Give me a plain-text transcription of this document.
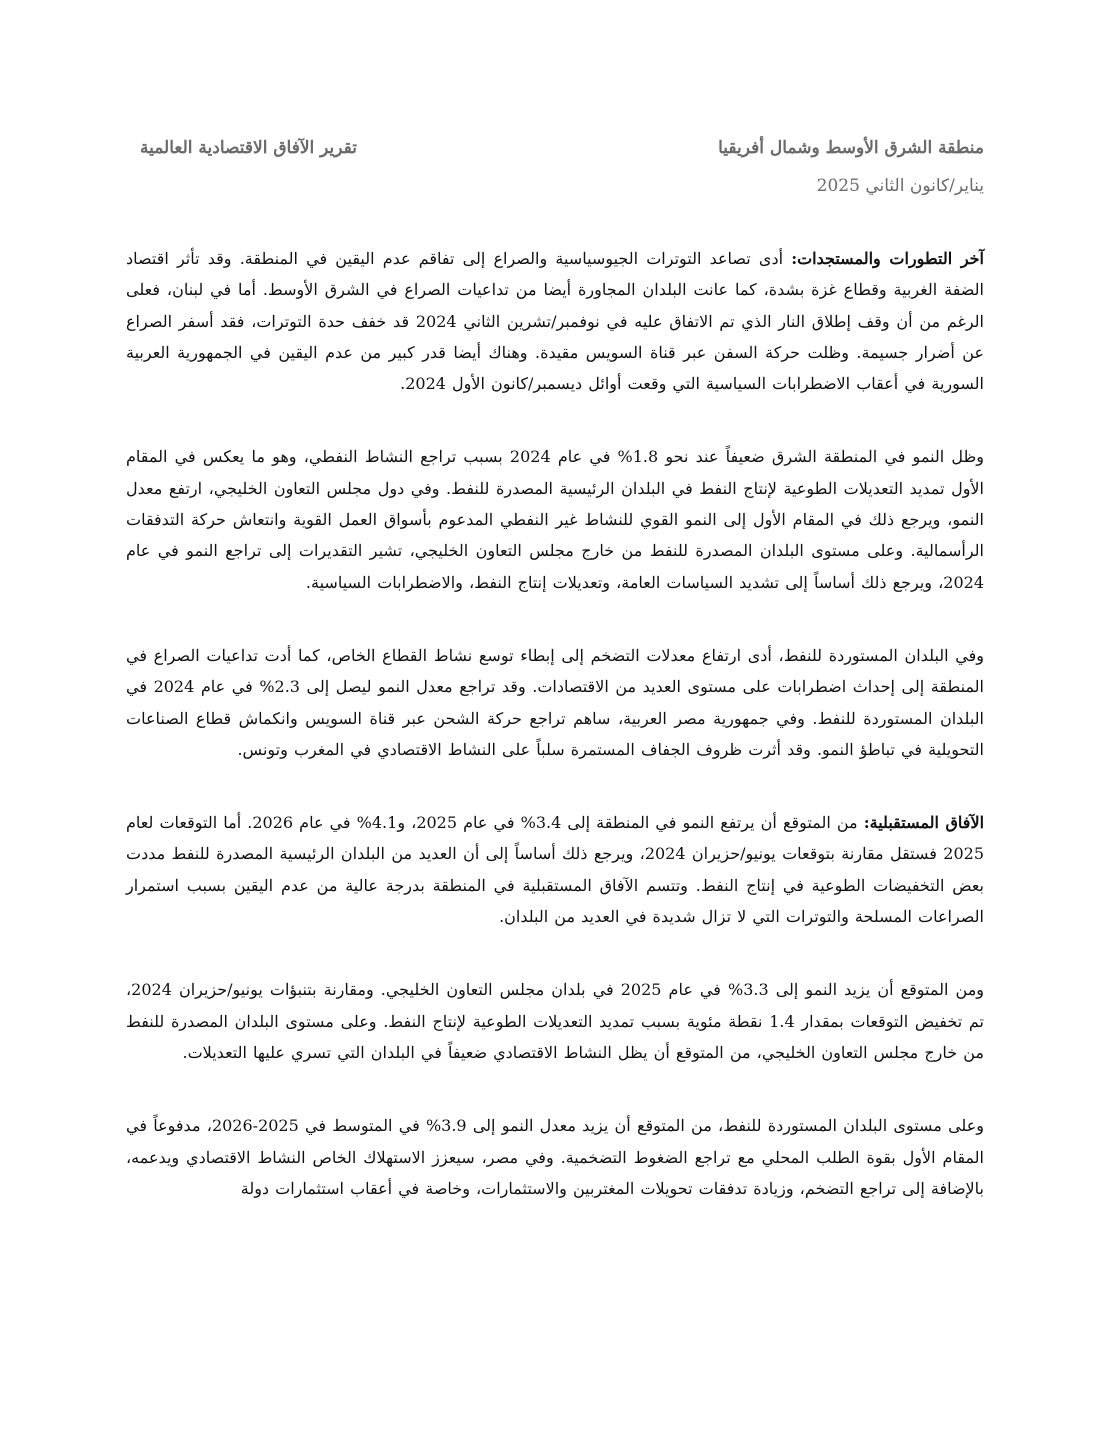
منطقة الشرق الأوسط وشمال أفريقيا
تقرير الآفاق الاقتصادية العالمية
يناير/كانون الثاني 2025

آخر التطورات والمستجدات: أدى تصاعد التوترات الجيوسياسية والصراع إلى تفاقم عدم اليقين في المنطقة. وقد تأثر اقتصاد الضفة الغربية وقطاع غزة بشدة، كما عانت البلدان المجاورة أيضا من تداعيات الصراع في الشرق الأوسط. أما في لبنان، فعلى الرغم من أن وقف إطلاق النار الذي تم الاتفاق عليه في نوفمبر/تشرين الثاني 2024 قد خفف حدة التوترات، فقد أسفر الصراع عن أضرار جسيمة. وظلت حركة السفن عبر قناة السويس مقيدة. وهناك أيضا قدر كبير من عدم اليقين في الجمهورية العربية السورية في أعقاب الاضطرابات السياسية التي وقعت أوائل ديسمبر/كانون الأول 2024.

وظل النمو في المنطقة الشرق ضعيفاً عند نحو 1.8% في عام 2024 بسبب تراجع النشاط النفطي، وهو ما يعكس في المقام الأول تمديد التعديلات الطوعية لإنتاج النفط في البلدان الرئيسية المصدرة للنفط. وفي دول مجلس التعاون الخليجي، ارتفع معدل النمو، ويرجع ذلك في المقام الأول إلى النمو القوي للنشاط غير النفطي المدعوم بأسواق العمل القوية وانتعاش حركة التدفقات الرأسمالية. وعلى مستوى البلدان المصدرة للنفط من خارج مجلس التعاون الخليجي، تشير التقديرات إلى تراجع النمو في عام 2024، ويرجع ذلك أساساً إلى تشديد السياسات العامة، وتعديلات إنتاج النفط، والاضطرابات السياسية.

وفي البلدان المستوردة للنفط، أدى ارتفاع معدلات التضخم إلى إبطاء توسع نشاط القطاع الخاص، كما أدت تداعيات الصراع في المنطقة إلى إحداث اضطرابات على مستوى العديد من الاقتصادات. وقد تراجع معدل النمو ليصل إلى 2.3% في عام 2024 في البلدان المستوردة للنفط. وفي جمهورية مصر العربية، ساهم تراجع حركة الشحن عبر قناة السويس وانكماش قطاع الصناعات التحويلية في تباطؤ النمو. وقد أثرت ظروف الجفاف المستمرة سلباً على النشاط الاقتصادي في المغرب وتونس.

الآفاق المستقبلية: من المتوقع أن يرتفع النمو في المنطقة إلى 3.4% في عام 2025، و4.1% في عام 2026. أما التوقعات لعام 2025 فستقل مقارنة بتوقعات يونيو/حزيران 2024، ويرجع ذلك أساساً إلى أن العديد من البلدان الرئيسية المصدرة للنفط مددت بعض التخفيضات الطوعية في إنتاج النفط. وتتسم الآفاق المستقبلية في المنطقة بدرجة عالية من عدم اليقين بسبب استمرار الصراعات المسلحة والتوترات التي لا تزال شديدة في العديد من البلدان.

ومن المتوقع أن يزيد النمو إلى 3.3% في عام 2025 في بلدان مجلس التعاون الخليجي. ومقارنة بتنبؤات يونيو/حزيران 2024، تم تخفيض التوقعات بمقدار 1.4 نقطة مئوية بسبب تمديد التعديلات الطوعية لإنتاج النفط. وعلى مستوى البلدان المصدرة للنفط من خارج مجلس التعاون الخليجي، من المتوقع أن يظل النشاط الاقتصادي ضعيفاً في البلدان التي تسري عليها التعديلات.

وعلى مستوى البلدان المستوردة للنفط، من المتوقع أن يزيد معدل النمو إلى 3.9% في المتوسط في 2025-2026، مدفوعاً في المقام الأول بقوة الطلب المحلي مع تراجع الضغوط التضخمية. وفي مصر، سيعزز الاستهلاك الخاص النشاط الاقتصادي ويدعمه، بالإضافة إلى تراجع التضخم، وزيادة تدفقات تحويلات المغتربين والاستثمارات، وخاصة في أعقاب استثمارات دولة
